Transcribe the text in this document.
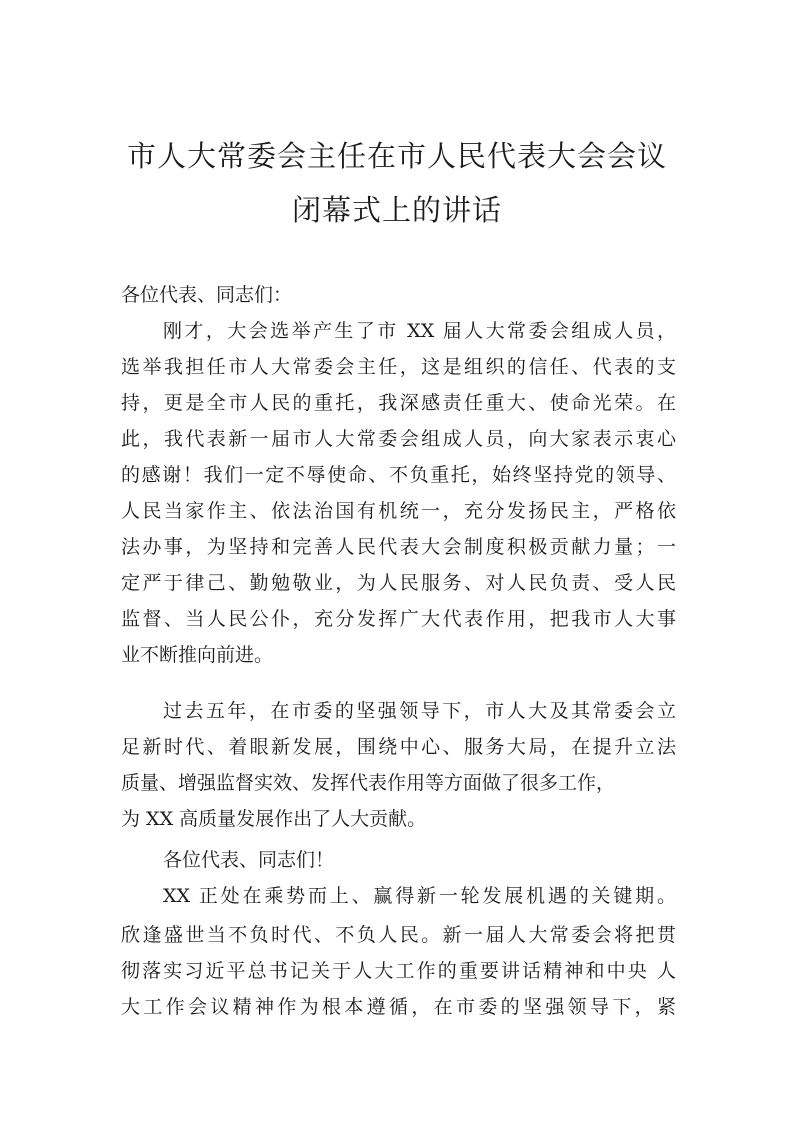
市人大常委会主任在市人民代表大会会议
闭幕式上的讲话
各位代表、同志们：
刚才，大会选举产生了市 XX 届人大常委会组成人员，
选举我担任市人大常委会主任，这是组织的信任、代表的支
持，更是全市人民的重托，我深感责任重大、使命光荣。在
此，我代表新一届市人大常委会组成人员，向大家表示衷心
的感谢！我们一定不辱使命、不负重托，始终坚持党的领导、
人民当家作主、依法治国有机统一，充分发扬民主，严格依
法办事，为坚持和完善人民代表大会制度积极贡献力量；一
定严于律己、勤勉敬业，为人民服务、对人民负责、受人民
监督、当人民公仆，充分发挥广大代表作用，把我市人大事
业不断推向前进。
过去五年，在市委的坚强领导下，市人大及其常委会立
足新时代、着眼新发展，围绕中心、服务大局，在提升立法
质量、增强监督实效、发挥代表作用等方面做了很多工作，
为 XX 高质量发展作出了人大贡献。
各位代表、同志们！
XX 正处在乘势而上、赢得新一轮发展机遇的关键期。
欣逢盛世当不负时代、不负人民。新一届人大常委会将把贯
彻落实习近平总书记关于人大工作的重要讲话精神和中央 人
大工作会议精神作为根本遵循，在市委的坚强领导下，紧
